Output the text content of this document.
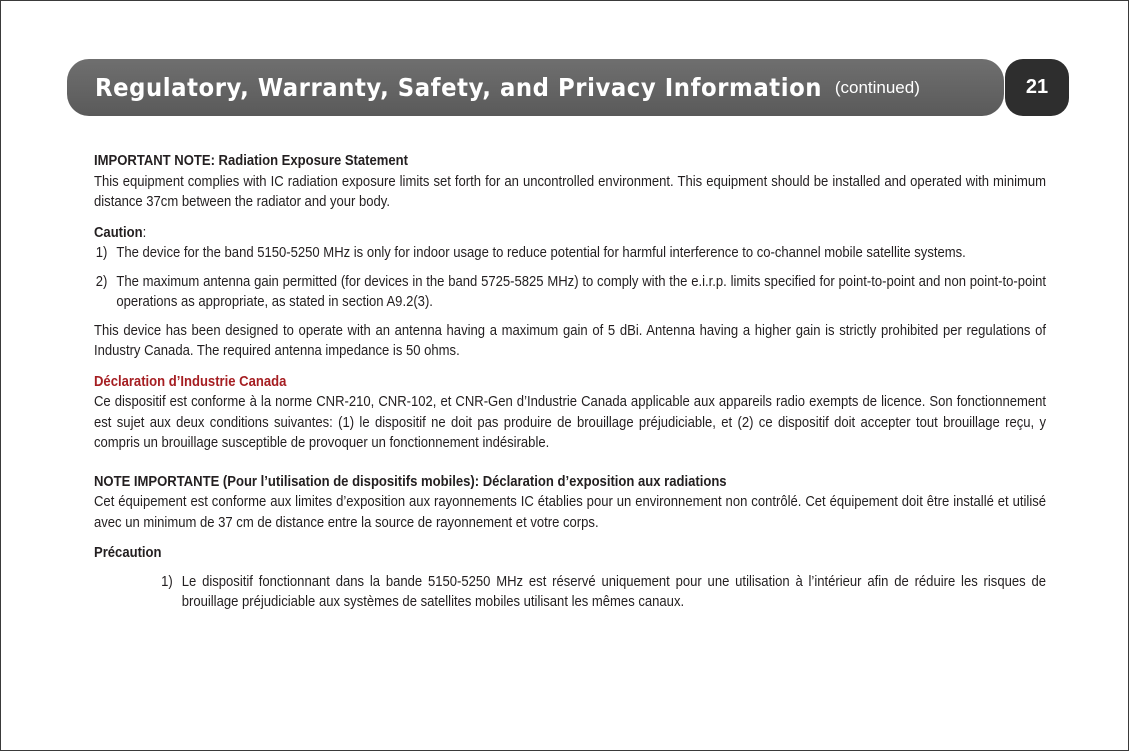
Regulatory, Warranty, Safety, and Privacy Information (continued)	21

IMPORTANT NOTE: Radiation Exposure Statement

This equipment complies with IC radiation exposure limits set forth for an uncontrolled environment. This equipment should be installed and operated with minimum distance 37cm between the radiator and your body.

Caution:

1) The device for the band 5150-5250 MHz is only for indoor usage to reduce potential for harmful interference to co-channel mobile satellite systems.
2) The maximum antenna gain permitted (for devices in the band 5725-5825 MHz) to comply with the e.i.r.p. limits specified for point-to-point and non point-to-point operations as appropriate, as stated in section A9.2(3).

This device has been designed to operate with an antenna having a maximum gain of 5 dBi. Antenna having a higher gain is strictly prohibited per regulations of Industry Canada. The required antenna impedance is 50 ohms.

Déclaration d’Industrie Canada

Ce dispositif est conforme à la norme CNR-210, CNR-102, et CNR-Gen d’Industrie Canada applicable aux appareils radio exempts de licence. Son fonctionnement est sujet aux deux conditions suivantes: (1) le dispositif ne doit pas produire de brouillage préjudiciable, et (2) ce dispositif doit accepter tout brouillage reçu, y compris un brouillage susceptible de provoquer un fonctionnement indésirable.

NOTE IMPORTANTE (Pour l’utilisation de dispositifs mobiles): Déclaration d’exposition aux radiations

Cet équipement est conforme aux limites d’exposition aux rayonnements IC établies pour un environnement non contrôlé. Cet équipement doit être installé et utilisé avec un minimum de 37 cm de distance entre la source de rayonnement et votre corps.

Précaution

1) Le dispositif fonctionnant dans la bande 5150-5250 MHz est réservé uniquement pour une utilisation à l’intérieur afin de réduire les risques de brouillage préjudiciable aux systèmes de satellites mobiles utilisant les mêmes canaux.
